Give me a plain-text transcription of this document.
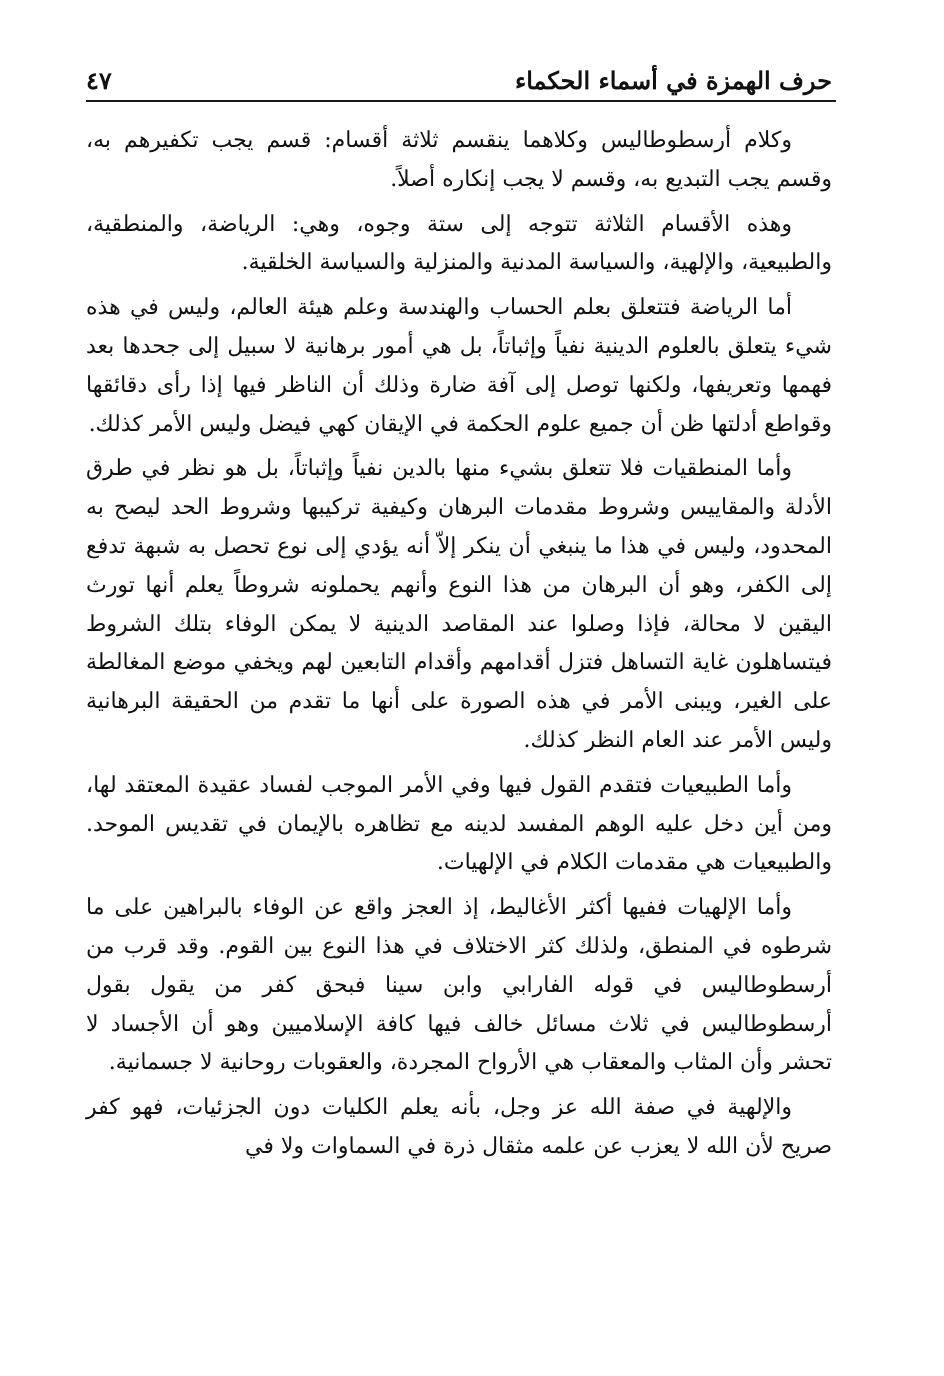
حرف الهمزة في أسماء الحكماء
٤٧

وكلام أرسطوطاليس وكلاهما ينقسم ثلاثة أقسام: قسم يجب تكفيرهم به، وقسم يجب التبديع به، وقسم لا يجب إنكاره أصلاً.

وهذه الأقسام الثلاثة تتوجه إلى ستة وجوه، وهي: الرياضة، والمنطقية، والطبيعية، والإلهية، والسياسة المدنية والمنزلية والسياسة الخلقية.

أما الرياضة فتتعلق بعلم الحساب والهندسة وعلم هيئة العالم، وليس في هذه شيء يتعلق بالعلوم الدينية نفياً وإثباتاً، بل هي أمور برهانية لا سبيل إلى جحدها بعد فهمها وتعريفها، ولكنها توصل إلى آفة ضارة وذلك أن الناظر فيها إذا رأى دقائقها وقواطع أدلتها ظن أن جميع علوم الحكمة في الإيقان كهي فيضل وليس الأمر كذلك.

وأما المنطقيات فلا تتعلق بشيء منها بالدين نفياً وإثباتاً، بل هو نظر في طرق الأدلة والمقاييس وشروط مقدمات البرهان وكيفية تركيبها وشروط الحد ليصح به المحدود، وليس في هذا ما ينبغي أن ينكر إلاّ أنه يؤدي إلى نوع تحصل به شبهة تدفع إلى الكفر، وهو أن البرهان من هذا النوع وأنهم يحملونه شروطاً يعلم أنها تورث اليقين لا محالة، فإذا وصلوا عند المقاصد الدينية لا يمكن الوفاء بتلك الشروط فيتساهلون غاية التساهل فتزل أقدامهم وأقدام التابعين لهم ويخفي موضع المغالطة على الغير، ويبنى الأمر في هذه الصورة على أنها ما تقدم من الحقيقة البرهانية وليس الأمر عند العام النظر كذلك.

وأما الطبيعيات فتقدم القول فيها وفي الأمر الموجب لفساد عقيدة المعتقد لها، ومن أين دخل عليه الوهم المفسد لدينه مع تظاهره بالإيمان في تقديس الموحد. والطبيعيات هي مقدمات الكلام في الإلهيات.

وأما الإلهيات ففيها أكثر الأغاليط، إذ العجز واقع عن الوفاء بالبراهين على ما شرطوه في المنطق، ولذلك كثر الاختلاف في هذا النوع بين القوم. وقد قرب من أرسطوطاليس في قوله الفارابي وابن سينا فبحق كفر من يقول بقول أرسطوطاليس في ثلاث مسائل خالف فيها كافة الإسلاميين وهو أن الأجساد لا تحشر وأن المثاب والمعقاب هي الأرواح المجردة، والعقوبات روحانية لا جسمانية.

والإلهية في صفة الله عز وجل، بأنه يعلم الكليات دون الجزئيات، فهو كفر صريح لأن الله لا يعزب عن علمه مثقال ذرة في السماوات ولا في
